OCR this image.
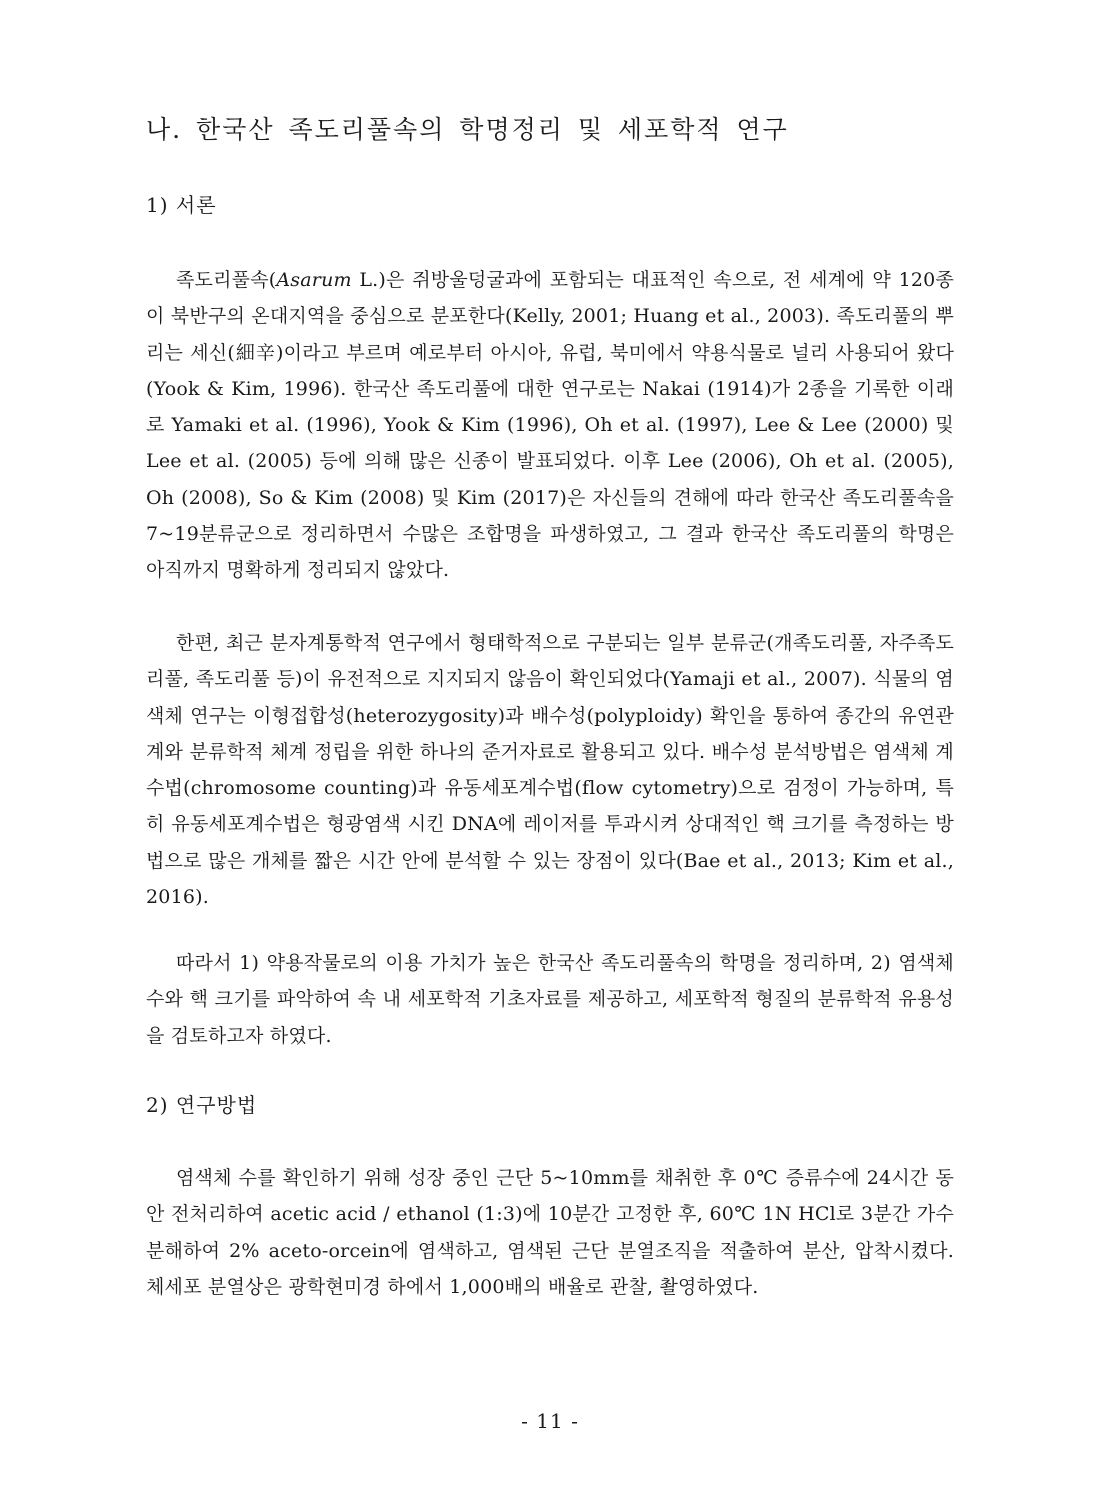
나. 한국산 족도리풀속의 학명정리 및 세포학적 연구
1) 서론

족도리풀속(Asarum L.)은 쥐방울덩굴과에 포함되는 대표적인 속으로, 전 세계에 약 120종이 북반구의 온대지역을 중심으로 분포한다(Kelly, 2001; Huang et al., 2003). 족도리풀의 뿌리는 세신(細辛)이라고 부르며 예로부터 아시아, 유럽, 북미에서 약용식물로 널리 사용되어 왔다(Yook & Kim, 1996). 한국산 족도리풀에 대한 연구로는 Nakai (1914)가 2종을 기록한 이래로 Yamaki et al. (1996), Yook & Kim (1996), Oh et al. (1997), Lee & Lee (2000) 및 Lee et al. (2005) 등에 의해 많은 신종이 발표되었다. 이후 Lee (2006), Oh et al. (2005), Oh (2008), So & Kim (2008) 및 Kim (2017)은 자신들의 견해에 따라 한국산 족도리풀속을 7~19분류군으로 정리하면서 수많은 조합명을 파생하였고, 그 결과 한국산 족도리풀의 학명은 아직까지 명확하게 정리되지 않았다.

한편, 최근 분자계통학적 연구에서 형태학적으로 구분되는 일부 분류군(개족도리풀, 자주족도리풀, 족도리풀 등)이 유전적으로 지지되지 않음이 확인되었다(Yamaji et al., 2007). 식물의 염색체 연구는 이형접합성(heterozygosity)과 배수성(polyploidy) 확인을 통하여 종간의 유연관계와 분류학적 체계 정립을 위한 하나의 준거자료로 활용되고 있다. 배수성 분석방법은 염색체 계수법(chromosome counting)과 유동세포계수법(flow cytometry)으로 검정이 가능하며, 특히 유동세포계수법은 형광염색 시킨 DNA에 레이저를 투과시켜 상대적인 핵 크기를 측정하는 방법으로 많은 개체를 짧은 시간 안에 분석할 수 있는 장점이 있다(Bae et al., 2013; Kim et al., 2016).

따라서 1) 약용작물로의 이용 가치가 높은 한국산 족도리풀속의 학명을 정리하며, 2) 염색체 수와 핵 크기를 파악하여 속 내 세포학적 기초자료를 제공하고, 세포학적 형질의 분류학적 유용성을 검토하고자 하였다.

2) 연구방법

염색체 수를 확인하기 위해 성장 중인 근단 5~10mm를 채취한 후 0℃ 증류수에 24시간 동안 전처리하여 acetic acid / ethanol (1:3)에 10분간 고정한 후, 60℃ 1N HCl로 3분간 가수분해하여 2% aceto-orcein에 염색하고, 염색된 근단 분열조직을 적출하여 분산, 압착시켰다. 체세포 분열상은 광학현미경 하에서 1,000배의 배율로 관찰, 촬영하였다.

- 11 -
